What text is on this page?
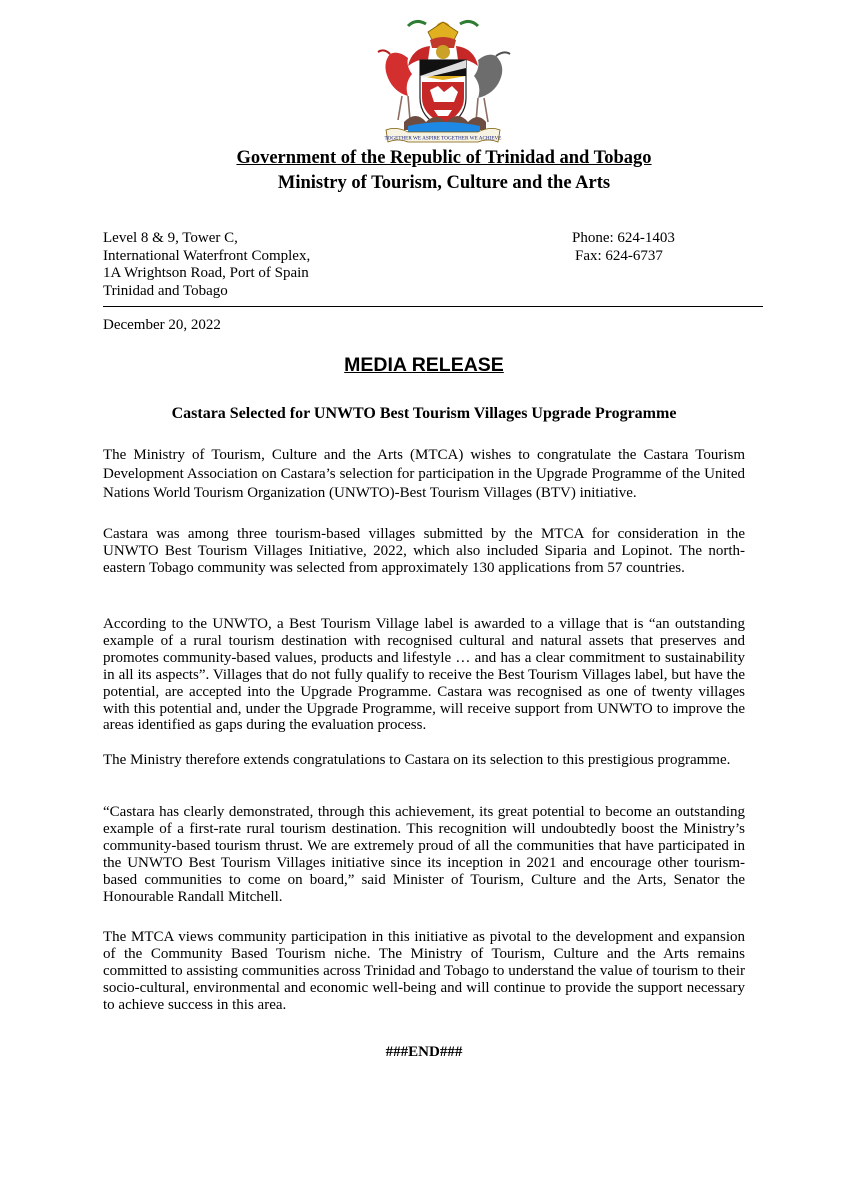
TOGETHER WE ASPIRE TOGETHER WE ACHIEVE
Government of the Republic of Trinidad and Tobago
Ministry of Tourism, Culture and the Arts
Level 8 & 9, Tower C,
International Waterfront Complex,
1A Wrightson Road, Port of Spain
Trinidad and Tobago
Phone: 624-1403
Fax: 624-6737
December 20, 2022
MEDIA RELEASE
Castara Selected for UNWTO Best Tourism Villages Upgrade Programme

The Ministry of Tourism, Culture and the Arts (MTCA) wishes to congratulate the Castara Tourism Development Association on Castara’s selection for participation in the Upgrade Programme of the United Nations World Tourism Organization (UNWTO)-Best Tourism Villages (BTV) initiative.

Castara was among three tourism-based villages submitted by the MTCA for consideration in the UNWTO Best Tourism Villages Initiative, 2022, which also included Siparia and Lopinot. The north-eastern Tobago community was selected from approximately 130 applications from 57 countries.

According to the UNWTO, a Best Tourism Village label is awarded to a village that is “an outstanding example of a rural tourism destination with recognised cultural and natural assets that preserves and promotes community-based values, products and lifestyle … and has a clear commitment to sustainability in all its aspects”. Villages that do not fully qualify to receive the Best Tourism Villages label, but have the potential, are accepted into the Upgrade Programme. Castara was recognised as one of twenty villages with this potential and, under the Upgrade Programme, will receive support from UNWTO to improve the areas identified as gaps during the evaluation process.

The Ministry therefore extends congratulations to Castara on its selection to this prestigious programme.

“Castara has clearly demonstrated, through this achievement, its great potential to become an outstanding example of a first-rate rural tourism destination. This recognition will undoubtedly boost the Ministry’s community-based tourism thrust. We are extremely proud of all the communities that have participated in the UNWTO Best Tourism Villages initiative since its inception in 2021 and encourage other tourism-based communities to come on board,” said Minister of Tourism, Culture and the Arts, Senator the Honourable Randall Mitchell.

The MTCA views community participation in this initiative as pivotal to the development and expansion of the Community Based Tourism niche. The Ministry of Tourism, Culture and the Arts remains committed to assisting communities across Trinidad and Tobago to understand the value of tourism to their socio-cultural, environmental and economic well-being and will continue to provide the support necessary to achieve success in this area.

###END###
